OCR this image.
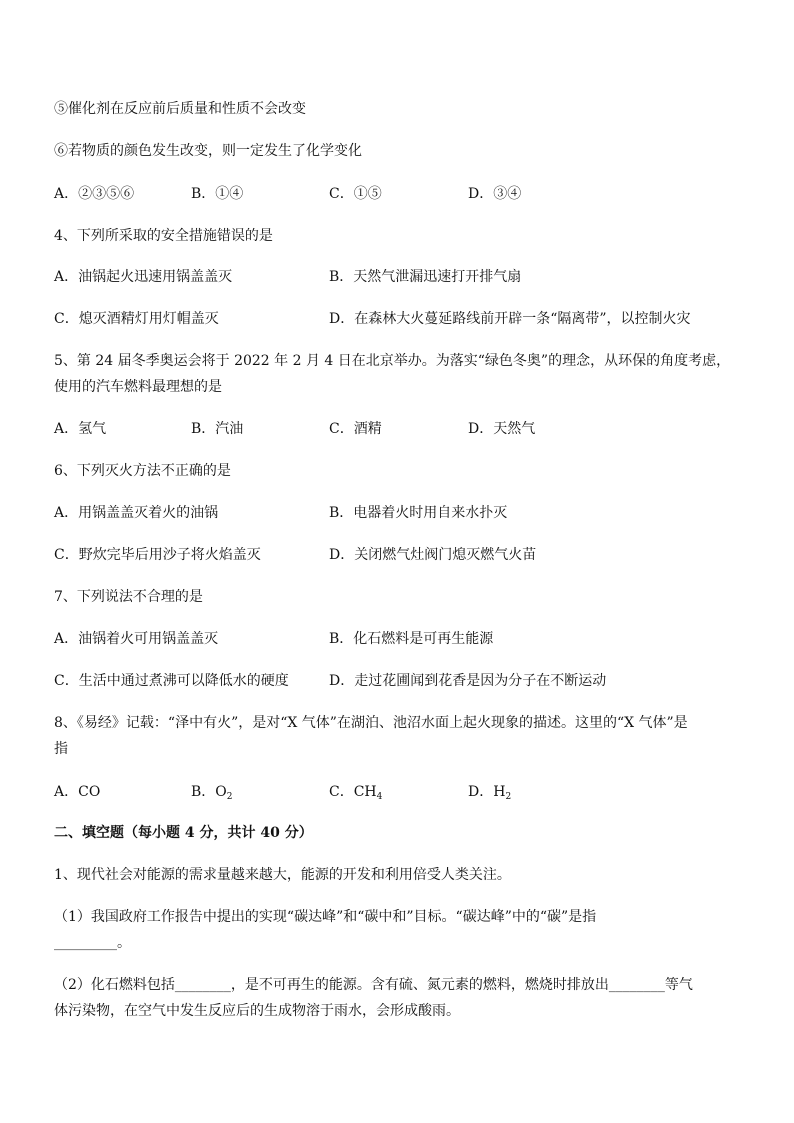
⑤催化剂在反应前后质量和性质不会改变
⑥若物质的颜色发生改变，则一定发生了化学变化
A．②③⑤⑥	B．①④	C．①⑤	D．③④
4、下列所采取的安全措施错误的是
A．油锅起火迅速用锅盖盖灭	B．天然气泄漏迅速打开排气扇
C．熄灭酒精灯用灯帽盖灭	D．在森林大火蔓延路线前开辟一条“隔离带”，以控制火灾
5、第 24 届冬季奥运会将于 2022 年 2 月 4 日在北京举办。为落实“绿色冬奥”的理念，从环保的角度考虑，
使用的汽车燃料最理想的是
A．氢气	B．汽油	C．酒精	D．天然气
6、下列灭火方法不正确的是
A．用锅盖盖灭着火的油锅	B．电器着火时用自来水扑灭
C．野炊完毕后用沙子将火焰盖灭	D．关闭燃气灶阀门熄灭燃气火苗
7、下列说法不合理的是
A．油锅着火可用锅盖盖灭	B．化石燃料是可再生能源
C．生活中通过煮沸可以降低水的硬度	D．走过花圃闻到花香是因为分子在不断运动
8、《易经》记载：“泽中有火”，是对“X 气体”在湖泊、池沼水面上起火现象的描述。这里的“X 气体”是
指
A．CO	B．$O_2$	C．$CH_4$	D．$H_2$
二、填空题（每小题 4 分，共计 40 分）
1、现代社会对能源的需求量越来越大，能源的开发和利用倍受人类关注。
（1）我国政府工作报告中提出的实现“碳达峰”和“碳中和”目标。“碳达峰”中的“碳”是指
_________。
（2）化石燃料包括________，是不可再生的能源。含有硫、氮元素的燃料，燃烧时排放出________等气
体污染物，在空气中发生反应后的生成物溶于雨水，会形成酸雨。
